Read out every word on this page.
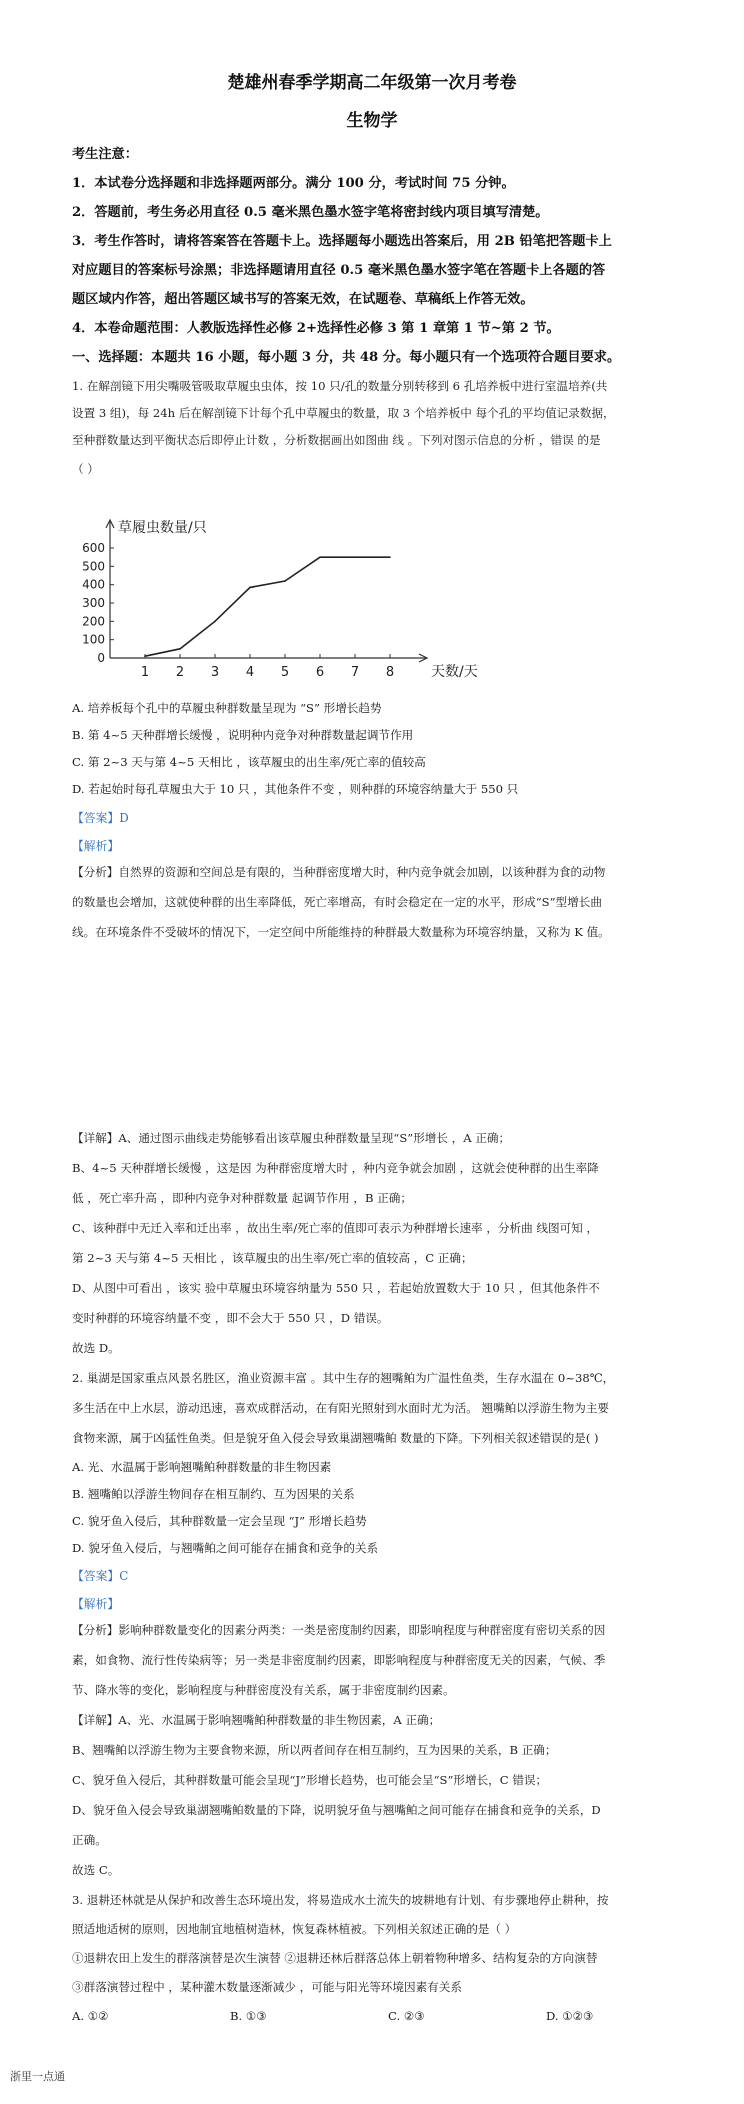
楚雄州春季学期高二年级第一次月考卷
生物学
考生注意：
1．本试卷分选择题和非选择题两部分。满分 100 分，考试时间 75 分钟。
2．答题前，考生务必用直径 0.5 毫米黑色墨水签字笔将密封线内项目填写清楚。
3．考生作答时，请将答案答在答题卡上。选择题每小题选出答案后，用 2B 铅笔把答题卡上
对应题目的答案标号涂黑；非选择题请用直径 0.5 毫米黑色墨水签字笔在答题卡上各题的答
题区域内作答，超出答题区域书写的答案无效，在试题卷、草稿纸上作答无效。
4．本卷命题范围：人教版选择性必修 2+选择性必修 3 第 1 章第 1 节~第 2 节。
一、选择题：本题共 16 小题，每小题 3 分，共 48 分。每小题只有一个选项符合题目要求。
1. 在解剖镜下用尖嘴吸管吸取草履虫虫体，按 10 只/孔的数量分别转移到 6 孔培养板中进行室温培养(共
设置 3 组)，每 24h 后在解剖镜下计每个孔中草履虫的数量，取 3 个培养板中 每个孔的平均值记录数据，
至种群数量达到平衡状态后即停止计数 ，分析数据画出如图曲 线 。下列对图示信息的分析 ，错误 的是
（ ）
0
100
200
300
400
500
600
1 2 3 4 5 6 7 8
草履虫数量/只
天数/天
A. 培养板每个孔中的草履虫种群数量呈现为 “S” 形增长趋势
B. 第 4~5 天种群增长缓慢 ，说明种内竞争对种群数量起调节作用
C. 第 2~3 天与第 4~5 天相比 ，该草履虫的出生率/死亡率的值较高
D. 若起始时每孔草履虫大于 10 只 ，其他条件不变 ，则种群的环境容纳量大于 550 只
【答案】D
【解析】
【分析】自然界的资源和空间总是有限的，当种群密度增大时，种内竞争就会加剧，以该种群为食的动物
的数量也会增加，这就使种群的出生率降低，死亡率增高，有时会稳定在一定的水平，形成“S”型增长曲
线。在环境条件不受破坏的情况下，一定空间中所能维持的种群最大数量称为环境容纳量，又称为 K 值。
【详解】A、通过图示曲线走势能够看出该草履虫种群数量呈现“S”形增长 ，A 正确；
B、4~5 天种群增长缓慢 ，这是因 为种群密度增大时 ，种内竞争就会加剧 ，这就会使种群的出生率降
低 ，死亡率升高 ，即种内竞争对种群数量 起调节作用 ，B 正确；
C、该种群中无迁入率和迁出率 ，故出生率/死亡率的值即可表示为种群增长速率 ，分析曲 线图可知 ，
第 2~3 天与第 4~5 天相比 ，该草履虫的出生率/死亡率的值较高 ，C 正确；
D、从图中可看出 ，该实 验中草履虫环境容纳量为 550 只 ，若起始放置数大于 10 只 ，但其他条件不
变时种群的环境容纳量不变 ，即不会大于 550 只 ，D 错误。
故选 D。
2. 巢湖是国家重点风景名胜区，渔业资源丰富 。其中生存的翘嘴鲌为广温性鱼类，生存水温在 0~38℃，
多生活在中上水层，游动迅速，喜欢成群活动，在有阳光照射到水面时尤为活。 翘嘴鲌以浮游生物为主要
食物来源，属于凶猛性鱼类。但是貌牙鱼入侵会导致巢湖翘嘴鲌 数量的下降。下列相关叙述错误的是( )
A. 光、水温属于影响翘嘴鲌种群数量的非生物因素
B. 翘嘴鲌以浮游生物间存在相互制约、互为因果的关系
C. 貌牙鱼入侵后，其种群数量一定会呈现 “J” 形增长趋势
D. 貌牙鱼入侵后，与翘嘴鲌之间可能存在捕食和竞争的关系
【答案】C
【解析】
【分析】影响种群数量变化的因素分两类：一类是密度制约因素，即影响程度与种群密度有密切关系的因
素，如食物、流行性传染病等；另一类是非密度制约因素，即影响程度与种群密度无关的因素，气候、季
节、降水等的变化，影响程度与种群密度没有关系，属于非密度制约因素。
【详解】A、光、水温属于影响翘嘴鲌种群数量的非生物因素，A 正确；
B、翘嘴鲌以浮游生物为主要食物来源，所以两者间存在相互制约，互为因果的关系，B 正确；
C、貌牙鱼入侵后，其种群数量可能会呈现“J”形增长趋势，也可能会呈“S”形增长，C 错误；
D、貌牙鱼入侵会导致巢湖翘嘴鲌数量的下降，说明貌牙鱼与翘嘴鲌之间可能存在捕食和竞争的关系，D
正确。
故选 C。
3. 退耕还林就是从保护和改善生态环境出发，将易造成水土流失的坡耕地有计划、有步骤地停止耕种，按
照适地适树的原则，因地制宜地植树造林，恢复森林植被。下列相关叙述正确的是（ ）
①退耕农田上发生的群落演替是次生演替 ②退耕还林后群落总体上朝着物种增多、结构复杂的方向演替
③群落演替过程中 ，某种灌木数量逐渐减少 ，可能与阳光等环境因素有关系
A. ①②	B. ①③	C. ②③	D. ①②③
浙里一点通
